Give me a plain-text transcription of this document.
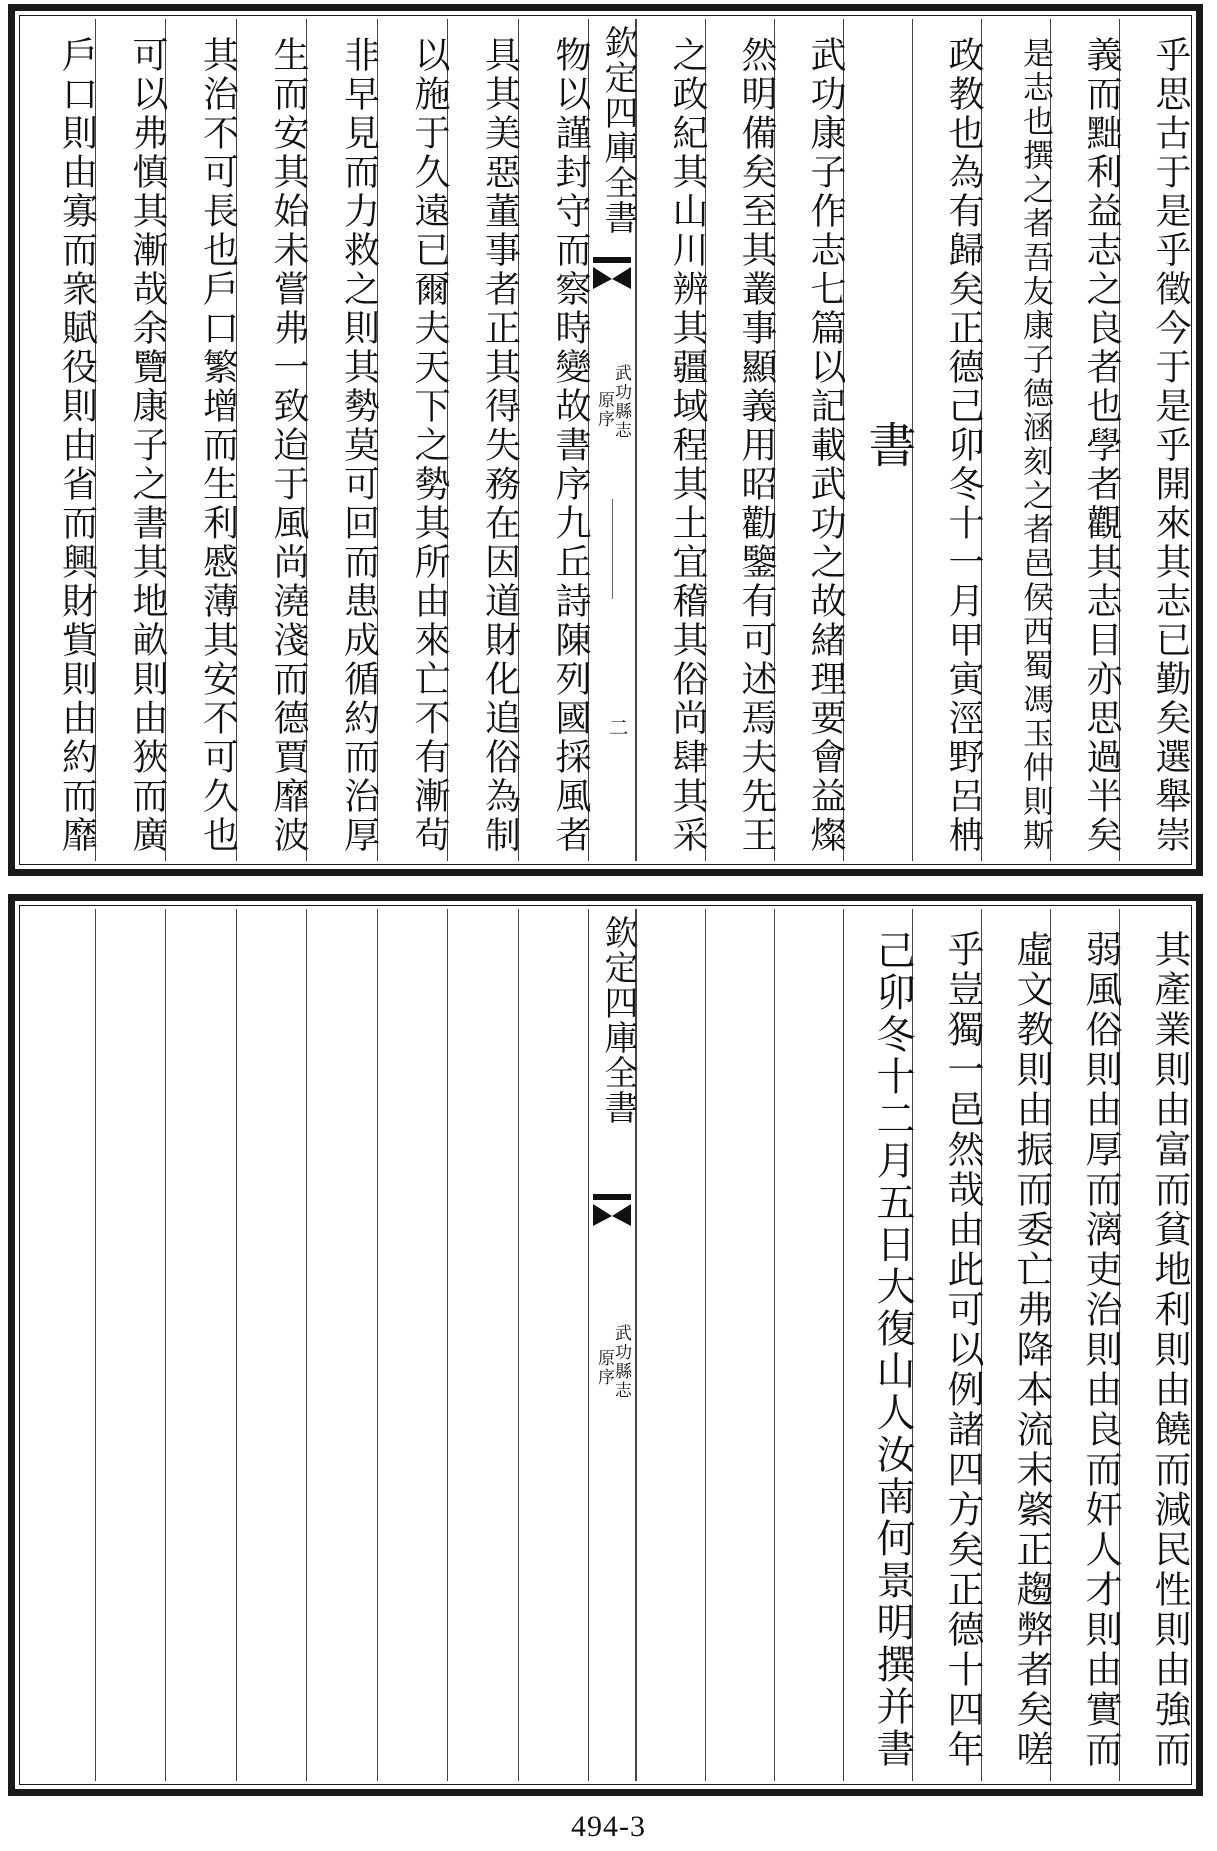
欽定四庫全書
武功縣志
原序
二	乎思古于是乎徵今于是乎開來其志已勤矣選舉崇
義而黜利益志之良者也學者觀其志目亦思過半矣
是志也撰之者吾友康子德涵刻之者邑侯西蜀馮玉仲則斯
政教也為有歸矣正德己卯冬十一月甲寅涇野呂柟
書
武功康子作志七篇以記載武功之故緒理要會益燦
然明備矣至其叢事顯義用昭勸鑒有可述焉夫先王
之政紀其山川辨其疆域程其土宜稽其俗尚肆其采
物以謹封守而察時變故書序九丘詩陳列國採風者
具其美惡董事者正其得失務在因道財化追俗為制
以施于久遠已爾夫天下之勢其所由來亡不有漸茍
非早見而力救之則其勢莫可回而患成循約而治厚
生而安其始未嘗弗一致迨于風尚澆淺而德賈靡波
其治不可長也戶口繁增而生利慼薄其安不可久也
可以弗慎其漸哉余覽康子之書其地畝則由狹而廣
戶口則由寡而衆賦役則由省而興財貲則由約而靡
欽定四庫全書
武功縣志
原序	其產業則由富而貧地利則由饒而減民性則由強而
弱風俗則由厚而漓吏治則由良而奸人才則由實而
虛文教則由振而委亡弗降本流末綮正趨弊者矣嗟
乎豈獨一邑然哉由此可以例諸四方矣正德十四年
己卯冬十二月五日大復山人汝南何景明撰并書
494-3
